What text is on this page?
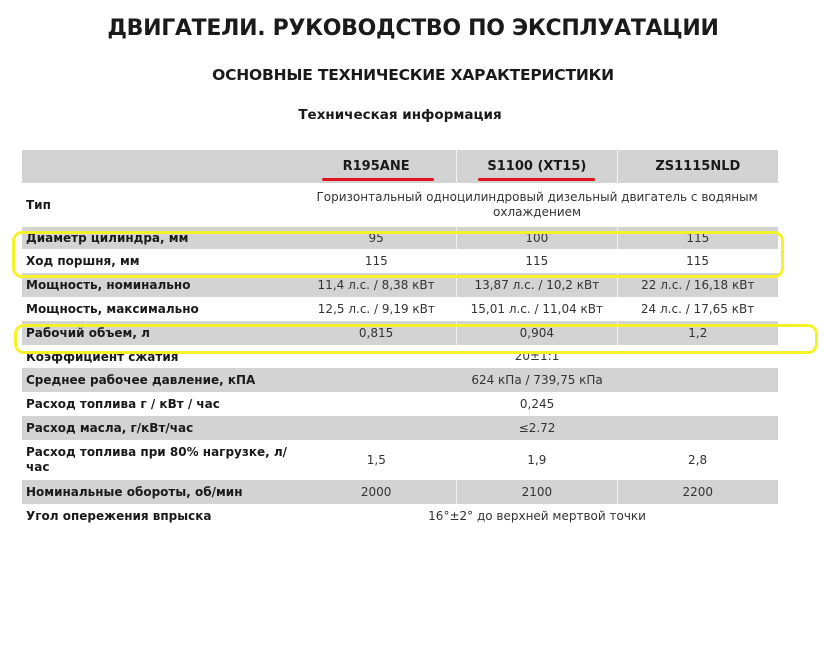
ДВИГАТЕЛИ. РУКОВОДСТВО ПО ЭКСПЛУАТАЦИИ
ОСНОВНЫЕ ТЕХНИЧЕСКИЕ ХАРАКТЕРИСТИКИ
Техническая информация
	R195ANE	S1100 (XT15)	ZS1115NLD
Тип	Горизонтальный одноцилиндровый дизельный двигатель с водяным охлаждением		
Диаметр цилиндра, мм	95	100	115
Ход поршня, мм	115	115	115
Мощность, номинально	11,4 л.с. / 8,38 кВт	13,87 л.с. / 10,2 кВт	22 л.с. / 16,18 кВт
Мощность, максимально	12,5 л.с. / 9,19 кВт	15,01 л.с. / 11,04 кВт	24 л.с. / 17,65 кВт
Рабочий объем, л	0,815	0,904	1,2
Коэффициент сжатия	20±1:1		
Среднее рабочее давление, кПА	624 кПа / 739,75 кПа		
Расход топлива г / кВт / час	0,245		
Расход масла, г/кВт/час	≤2.72		
Расход топлива при 80% нагрузке, л/час	1,5	1,9	2,8
Номинальные обороты, об/мин	2000	2100	2200
Угол опережения впрыска	16°±2° до верхней мертвой точки		
